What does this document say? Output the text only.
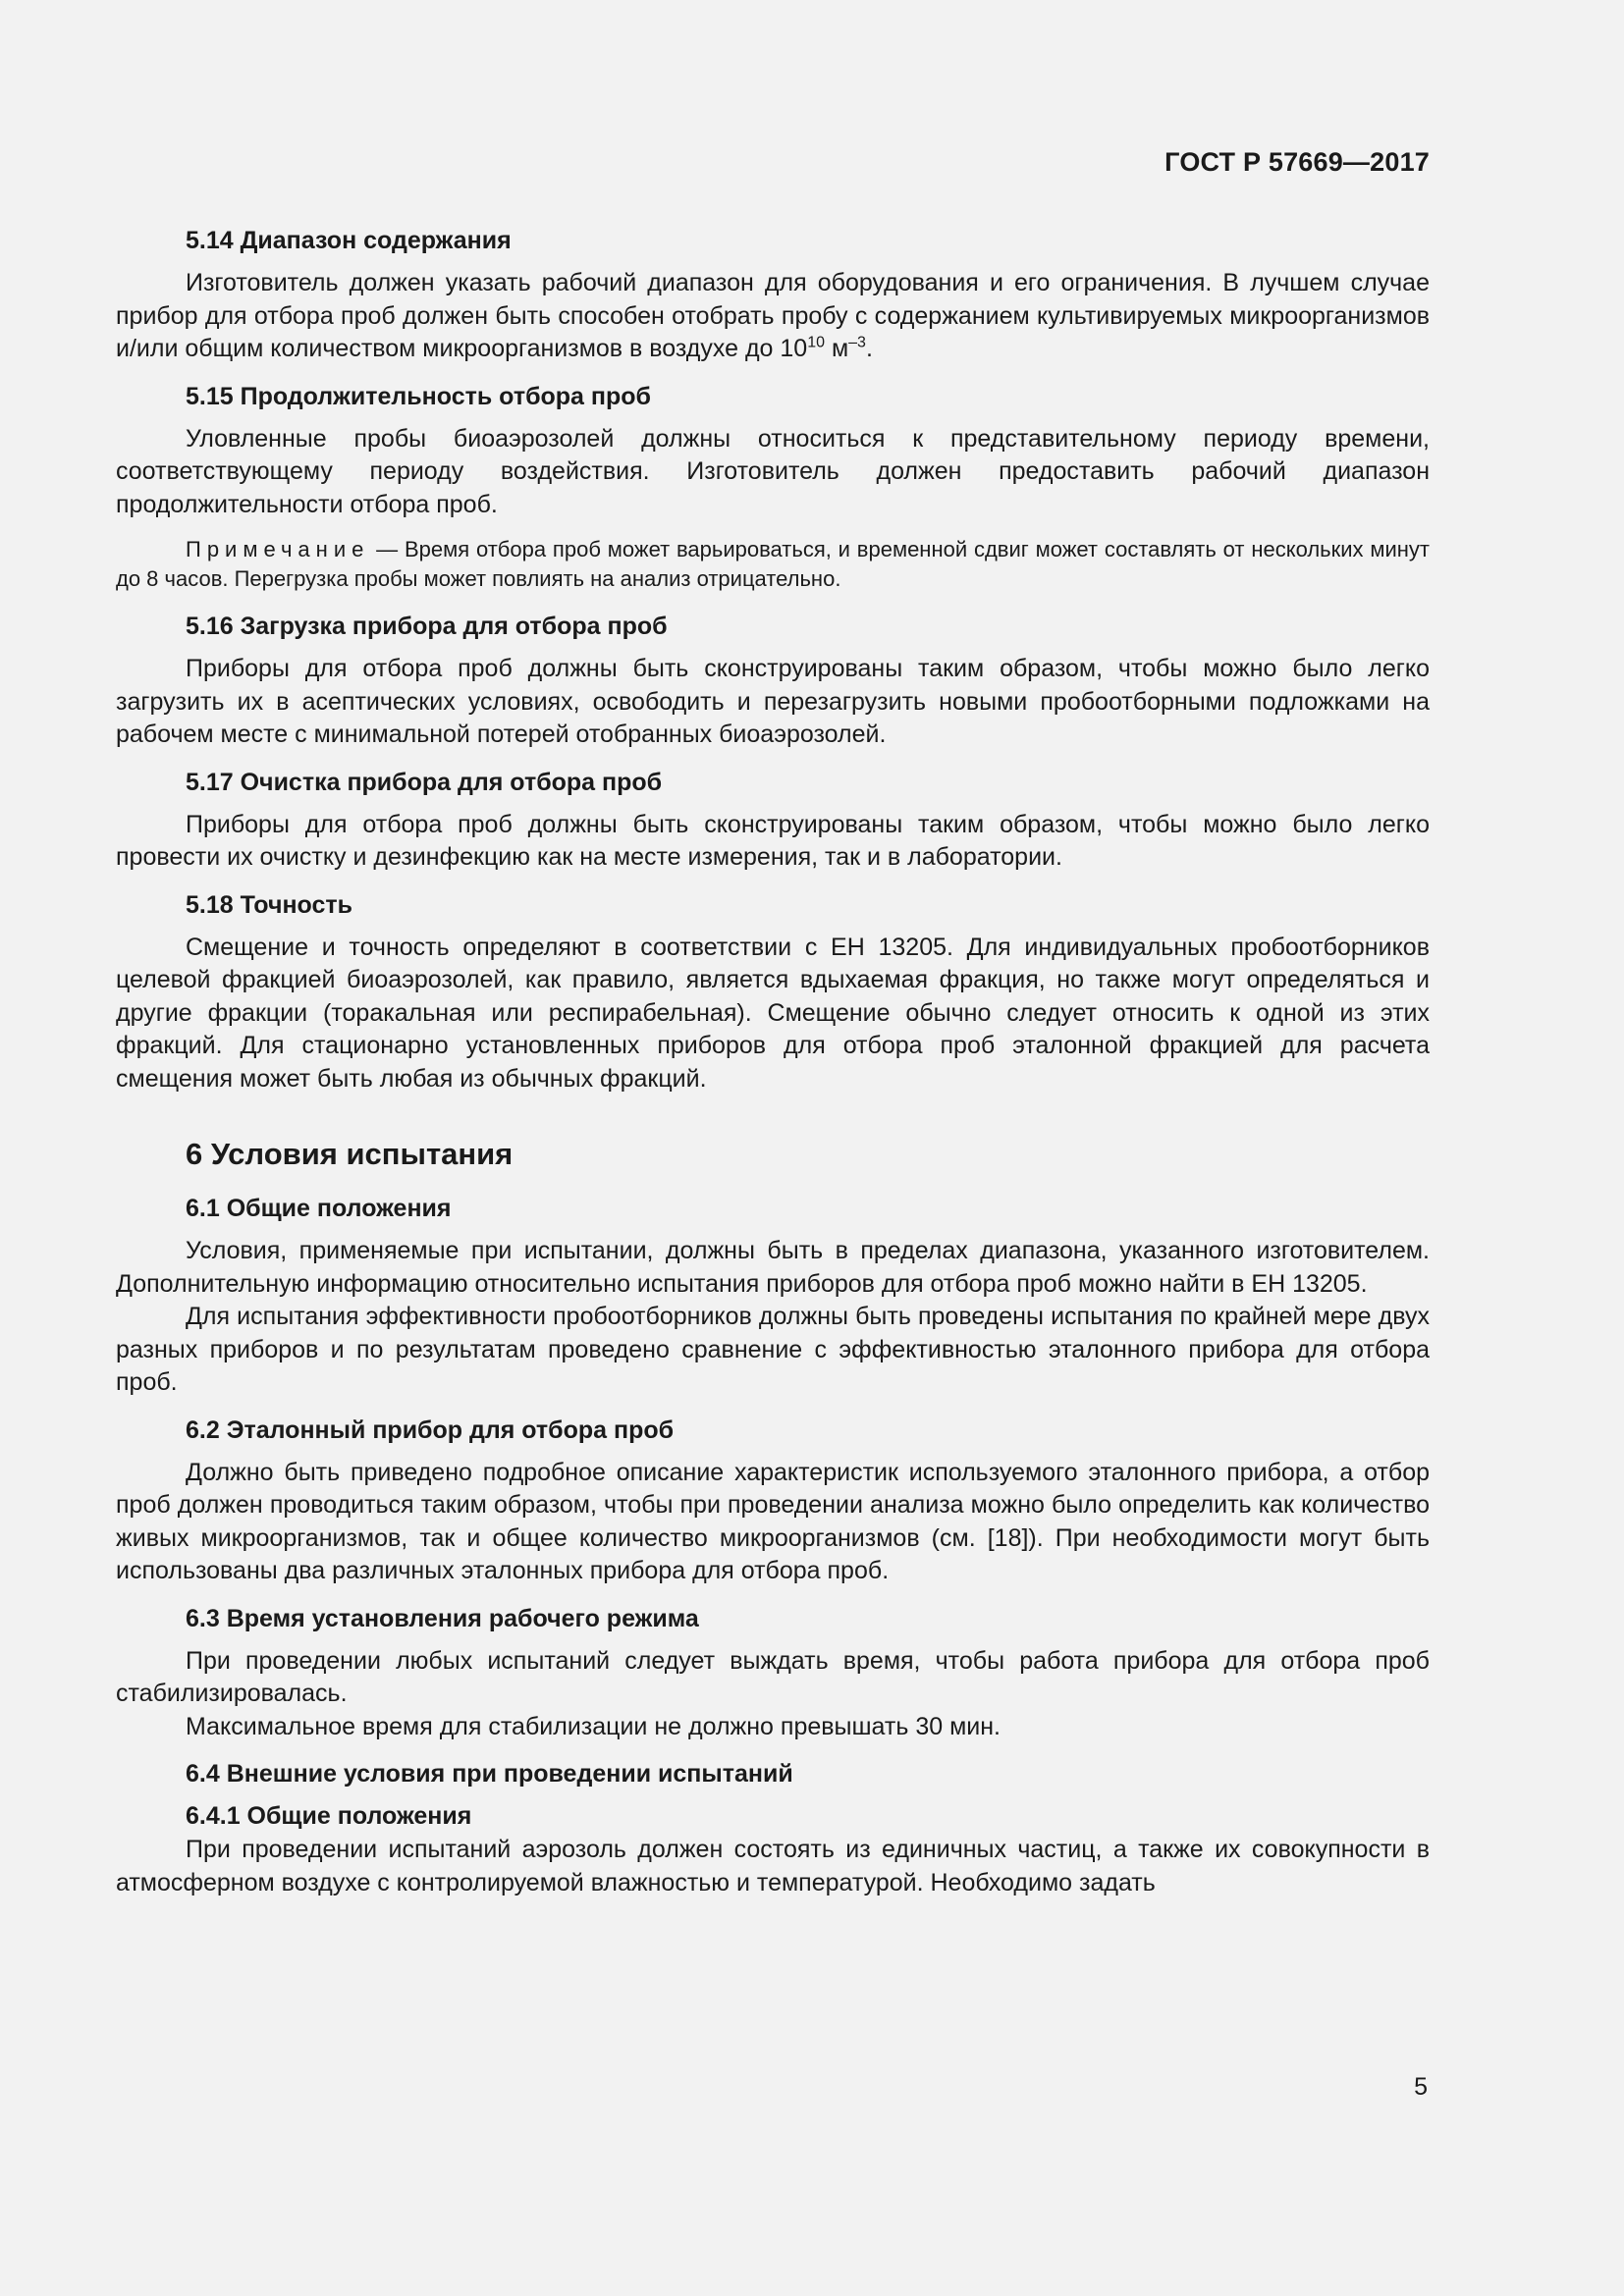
ГОСТ Р 57669—2017
5.14 Диапазон содержания

Изготовитель должен указать рабочий диапазон для оборудования и его ограничения. В лучшем случае прибор для отбора проб должен быть способен отобрать пробу с содержанием культивируемых микроорганизмов и/или общим количеством микроорганизмов в воздухе до $10^{10}$ $м^{-3}$.

5.15 Продолжительность отбора проб

Уловленные пробы биоаэрозолей должны относиться к представительному периоду времени, соответствующему периоду воздействия. Изготовитель должен предоставить рабочий диапазон продолжительности отбора проб.

Примечание — Время отбора проб может варьироваться, и временной сдвиг может составлять от нескольких минут до 8 часов. Перегрузка пробы может повлиять на анализ отрицательно.

5.16 Загрузка прибора для отбора проб

Приборы для отбора проб должны быть сконструированы таким образом, чтобы можно было легко загрузить их в асептических условиях, освободить и перезагрузить новыми пробоотборными подложками на рабочем месте с минимальной потерей отобранных биоаэрозолей.

5.17 Очистка прибора для отбора проб

Приборы для отбора проб должны быть сконструированы таким образом, чтобы можно было легко провести их очистку и дезинфекцию как на месте измерения, так и в лаборатории.

5.18 Точность

Смещение и точность определяют в соответствии с ЕН 13205. Для индивидуальных пробоотборников целевой фракцией биоаэрозолей, как правило, является вдыхаемая фракция, но также могут определяться и другие фракции (торакальная или респирабельная). Смещение обычно следует относить к одной из этих фракций. Для стационарно установленных приборов для отбора проб эталонной фракцией для расчета смещения может быть любая из обычных фракций.

6 Условия испытания
6.1 Общие положения

Условия, применяемые при испытании, должны быть в пределах диапазона, указанного изготовителем. Дополнительную информацию относительно испытания приборов для отбора проб можно найти в ЕН 13205.

Для испытания эффективности пробоотборников должны быть проведены испытания по крайней мере двух разных приборов и по результатам проведено сравнение с эффективностью эталонного прибора для отбора проб.

6.2 Эталонный прибор для отбора проб

Должно быть приведено подробное описание характеристик используемого эталонного прибора, а отбор проб должен проводиться таким образом, чтобы при проведении анализа можно было определить как количество живых микроорганизмов, так и общее количество микроорганизмов (см. [18]). При необходимости могут быть использованы два различных эталонных прибора для отбора проб.

6.3 Время установления рабочего режима

При проведении любых испытаний следует выждать время, чтобы работа прибора для отбора проб стабилизировалась.

Максимальное время для стабилизации не должно превышать 30 мин.

6.4 Внешние условия при проведении испытаний
6.4.1 Общие положения

При проведении испытаний аэрозоль должен состоять из единичных частиц, а также их совокупности в атмосферном воздухе с контролируемой влажностью и температурой. Необходимо задать

5
